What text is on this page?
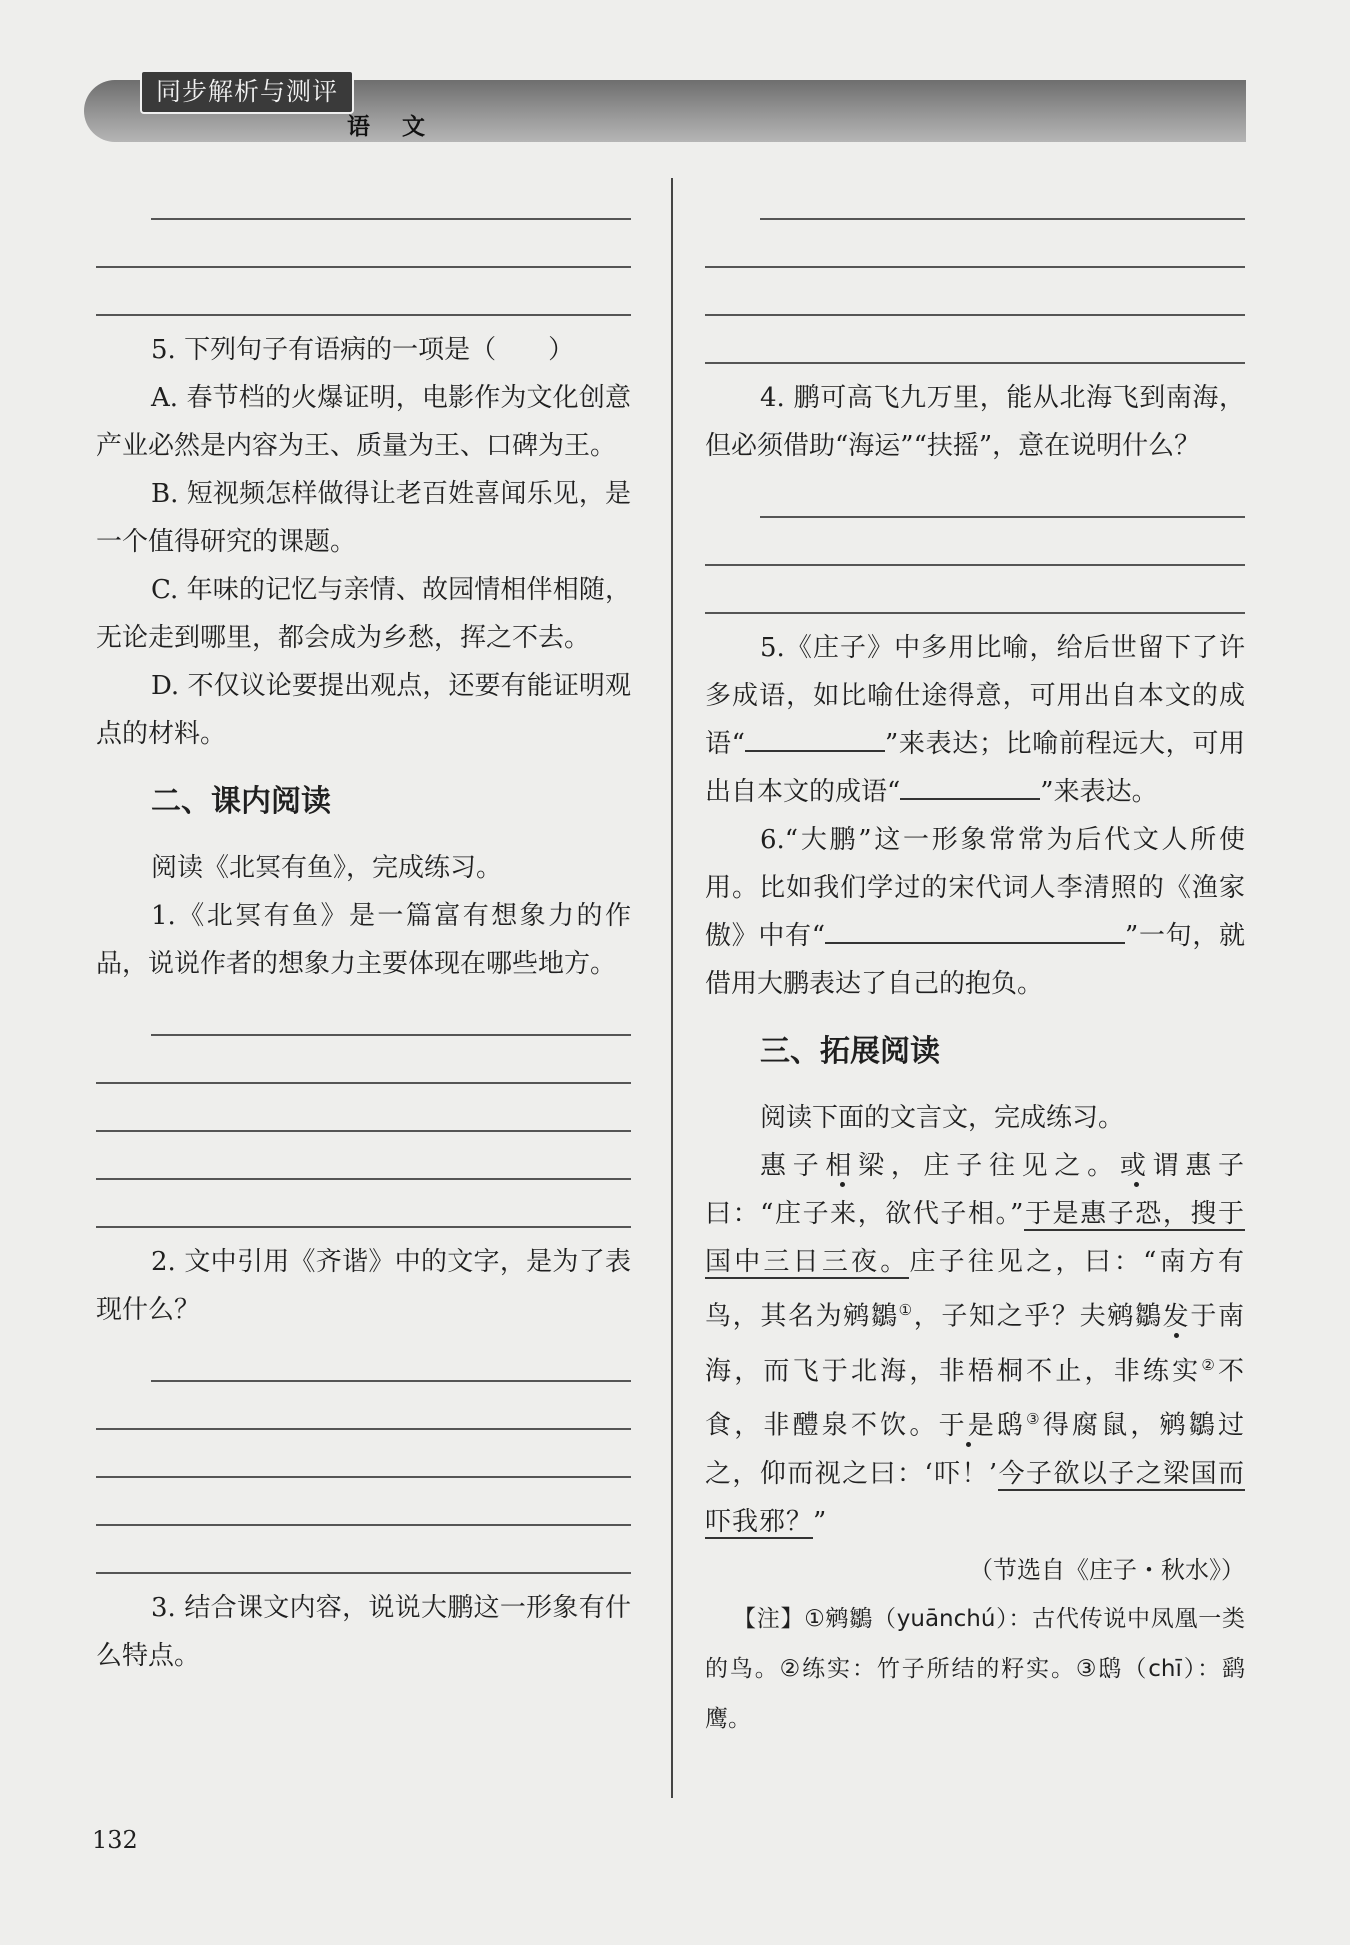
同步解析与测评
语 文

5. 下列句子有语病的一项是（　　）

A. 春节档的火爆证明，电影作为文化创意产业必然是内容为王、质量为王、口碑为王。

B. 短视频怎样做得让老百姓喜闻乐见，是一个值得研究的课题。

C. 年味的记忆与亲情、故园情相伴相随，无论走到哪里，都会成为乡愁，挥之不去。

D. 不仅议论要提出观点，还要有能证明观点的材料。

二、课内阅读

阅读《北冥有鱼》，完成练习。

1.《北冥有鱼》是一篇富有想象力的作品，说说作者的想象力主要体现在哪些地方。

2. 文中引用《齐谐》中的文字，是为了表现什么？

3. 结合课文内容，说说大鹏这一形象有什么特点。

4. 鹏可高飞九万里，能从北海飞到南海，但必须借助“海运”“扶摇”，意在说明什么？

5.《庄子》中多用比喻，给后世留下了许多成语，如比喻仕途得意，可用出自本文的成语“	”来表达；比喻前程远大，可用出自本文的成语“	”来表达。

6.“大鹏”这一形象常常为后代文人所使用。比如我们学过的宋代词人李清照的《渔家傲》中有“	”一句，就借用大鹏表达了自己的抱负。

三、拓展阅读

阅读下面的文言文，完成练习。

惠子相梁，庄子往见之。或谓惠子曰：“庄子来，欲代子相。”于是惠子恐，搜于国中三日三夜。庄子往见之，曰：“南方有鸟，其名为鹓鶵①，子知之乎？夫鹓鶵发于南海，而飞于北海，非梧桐不止，非练实②不食，非醴泉不饮。于是鸱③得腐鼠，鹓鶵过之，仰而视之曰：‘吓！’今子欲以子之梁国而吓我邪？”

（节选自《庄子・秋水》）
【注】①鹓鶵（yuānchú）：古代传说中凤凰一类的鸟。②练实：竹子所结的籽实。③鸱（chī）：鹞鹰。
132
